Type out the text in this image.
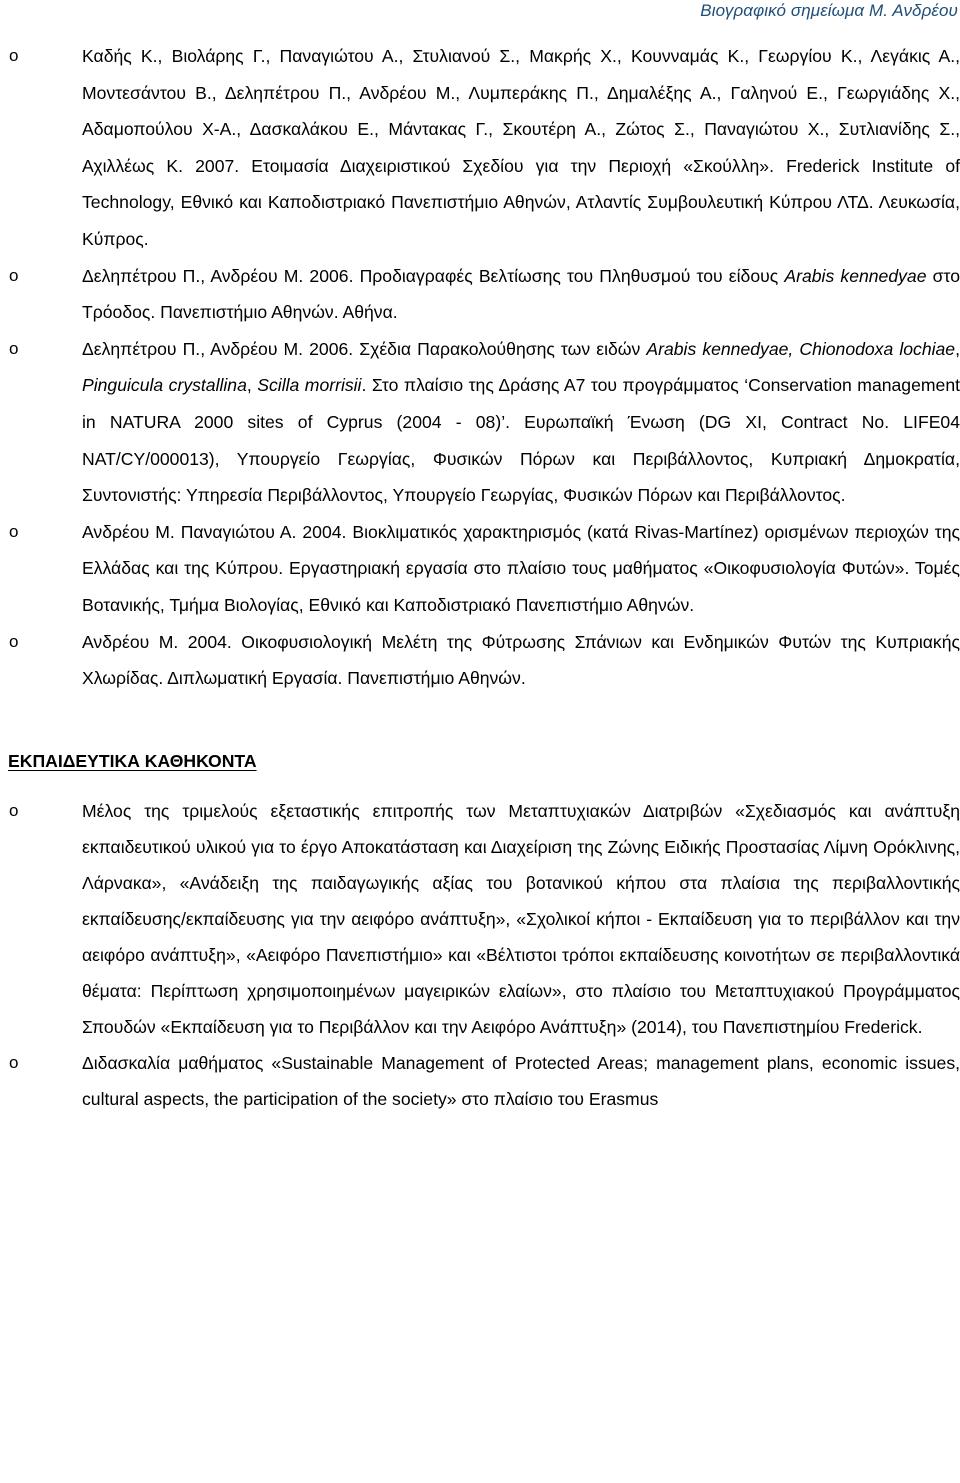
Βιογραφικό σημείωμα Μ. Ανδρέου
o	Καδής Κ., Βιολάρης Γ., Παναγιώτου Α., Στυλιανού Σ., Μακρής Χ., Κουνναμάς Κ., Γεωργίου Κ., Λεγάκις Α., Μοντεσάντου Β., Δεληπέτρου Π., Ανδρέου Μ., Λυμπεράκης Π., Δημαλέξης Α., Γαληνού Ε., Γεωργιάδης Χ., Αδαμοπούλου Χ-Α., Δασκαλάκου Ε., Μάντακας Γ., Σκουτέρη Α., Ζώτος Σ., Παναγιώτου Χ., Συτλιανίδης Σ., Αχιλλέως Κ. 2007. Ετοιμασία Διαχειριστικού Σχεδίου για την Περιοχή «Σκούλλη». Frederick Institute of Technology, Εθνικό και Καποδιστριακό Πανεπιστήμιο Αθηνών, Ατλαντίς Συμβουλευτική Κύπρου ΛΤΔ. Λευκωσία, Κύπρος.
o	Δεληπέτρου Π., Ανδρέου Μ. 2006. Προδιαγραφές Βελτίωσης του Πληθυσμού του είδους Arabis kennedyae στο Τρόοδος. Πανεπιστήμιο Αθηνών. Αθήνα.
o	Δεληπέτρου Π., Ανδρέου Μ. 2006. Σχέδια Παρακολούθησης των ειδών Arabis kennedyae, Chionodoxa lochiae, Pinguicula crystallina, Scilla morrisii. Στο πλαίσιο της Δράσης Α7 του προγράμματος ‘Conservation management in NATURA 2000 sites of Cyprus (2004 - 08)’. Ευρωπαϊκή Ένωση (DG XI, Contract No. LIFE04 NAT/CY/000013), Υπουργείο Γεωργίας, Φυσικών Πόρων και Περιβάλλοντος, Κυπριακή Δημοκρατία, Συντονιστής: Υπηρεσία Περιβάλλοντος, Υπουργείο Γεωργίας, Φυσικών Πόρων και Περιβάλλοντος.
o	Ανδρέου Μ. Παναγιώτου Α. 2004. Βιοκλιματικός χαρακτηρισμός (κατά Rivas-Martínez) ορισμένων περιοχών της Ελλάδας και της Κύπρου. Εργαστηριακή εργασία στο πλαίσιο τους μαθήματος «Οικοφυσιολογία Φυτών». Τομές Βοτανικής, Τμήμα Βιολογίας, Εθνικό και Καποδιστριακό Πανεπιστήμιο Αθηνών.
o	Ανδρέου Μ. 2004. Οικοφυσιολογική Μελέτη της Φύτρωσης Σπάνιων και Ενδημικών Φυτών της Κυπριακής Χλωρίδας. Διπλωματική Εργασία. Πανεπιστήμιο Αθηνών.
ΕΚΠΑΙΔΕΥΤΙΚΑ ΚΑΘΗΚΟΝΤΑ
o	Μέλος της τριμελούς εξεταστικής επιτροπής των Μεταπτυχιακών Διατριβών «Σχεδιασμός και ανάπτυξη εκπαιδευτικού υλικού για το έργο Αποκατάσταση και Διαχείριση της Ζώνης Ειδικής Προστασίας Λίμνη Ορόκλινης, Λάρνακα», «Ανάδειξη της παιδαγωγικής αξίας του βοτανικού κήπου στα πλαίσια της περιβαλλοντικής εκπαίδευσης/εκπαίδευσης για την αειφόρο ανάπτυξη», «Σχολικοί κήποι - Εκπαίδευση για το περιβάλλον και την αειφόρο ανάπτυξη», «Αειφόρο Πανεπιστήμιο» και «Βέλτιστοι τρόποι εκπαίδευσης κοινοτήτων σε περιβαλλοντικά θέματα: Περίπτωση χρησιμοποιημένων μαγειρικών ελαίων», στο πλαίσιο του Μεταπτυχιακού Προγράμματος Σπουδών «Εκπαίδευση για το Περιβάλλον και την Αειφόρο Ανάπτυξη» (2014), του Πανεπιστημίου Frederick.
o	Διδασκαλία μαθήματος «Sustainable Management of Protected Areas; management plans, economic issues, cultural aspects, the participation of the society» στο πλαίσιο του Erasmus
